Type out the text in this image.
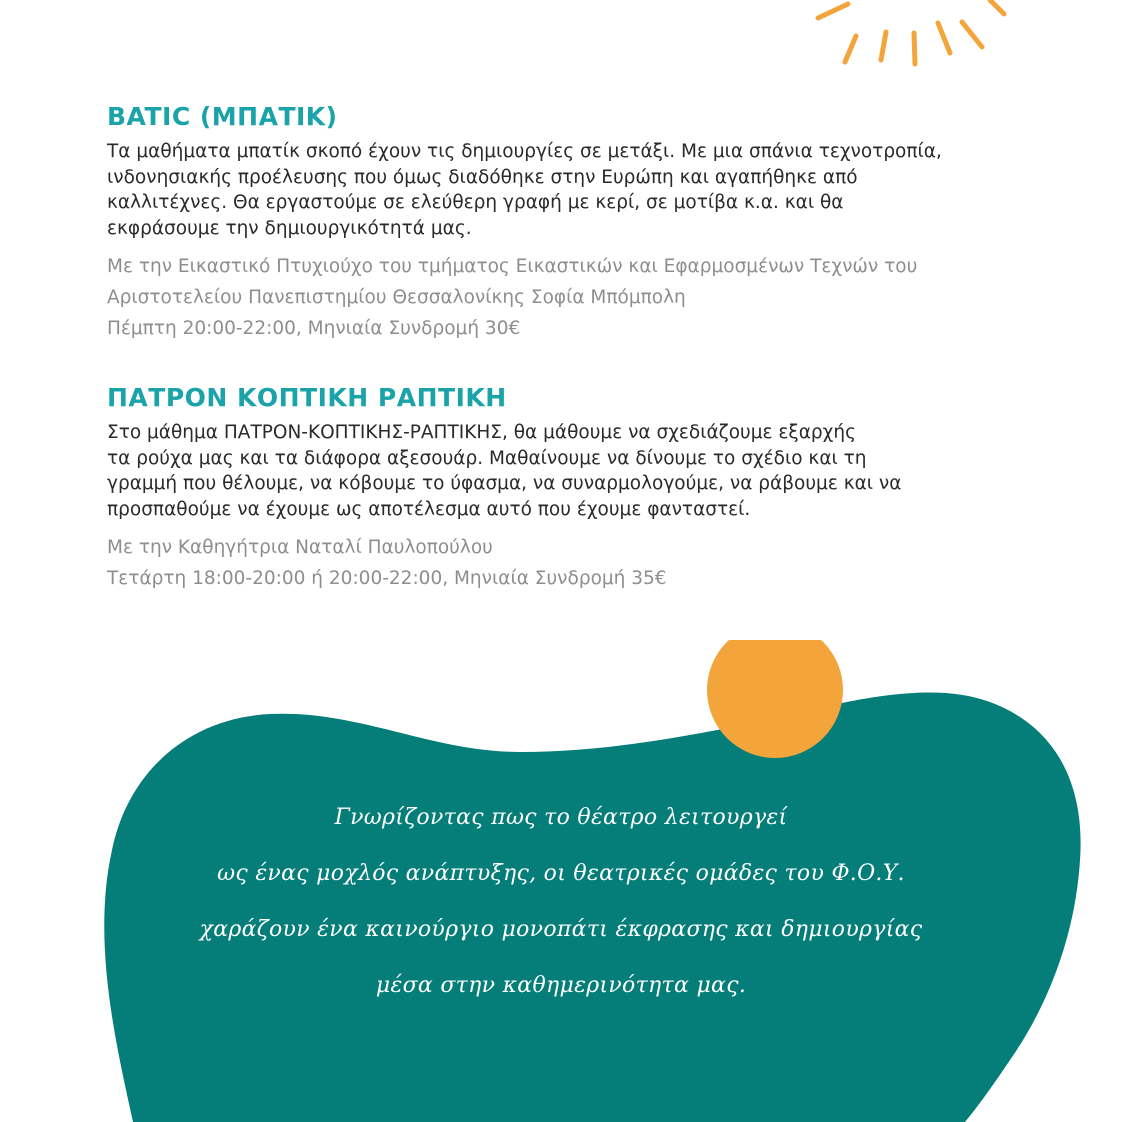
BATIC (ΜΠΑΤΙΚ)
Τα μαθήματα μπατίκ σκοπό έχουν τις δημιουργίες σε μετάξι. Με μια σπάνια τεχνοτροπία,
ινδονησιακής προέλευσης που όμως διαδόθηκε στην Ευρώπη και αγαπήθηκε από
καλλιτέχνες. Θα εργαστούμε σε ελεύθερη γραφή με κερί, σε μοτίβα κ.α. και θα
εκφράσουμε την δημιουργικότητά μας.
Με την Εικαστικό Πτυχιούχο του τμήματος Εικαστικών και Εφαρμοσμένων Τεχνών του
Αριστοτελείου Πανεπιστημίου Θεσσαλονίκης Σοφία Μπόμπολη
Πέμπτη 20:00-22:00, Μηνιαία Συνδρομή 30€
ΠΑΤΡΟΝ ΚΟΠΤΙΚΗ ΡΑΠΤΙΚΗ
Στο μάθημα ΠΑΤΡΟΝ-ΚΟΠΤΙΚΗΣ-ΡΑΠΤΙΚΗΣ, θα μάθουμε να σχεδιάζουμε εξαρχής
τα ρούχα μας και τα διάφορα αξεσουάρ. Μαθαίνουμε να δίνουμε το σχέδιο και τη
γραμμή που θέλουμε, να κόβουμε το ύφασμα, να συναρμολογούμε, να ράβουμε και να
προσπαθούμε να έχουμε ως αποτέλεσμα αυτό που έχουμε φανταστεί.
Με την Καθηγήτρια Ναταλί Παυλοπούλου
Τετάρτη 18:00-20:00 ή 20:00-22:00, Μηνιαία Συνδρομή 35€
Γνωρίζοντας πως το θέατρο λειτουργεί
ως ένας μοχλός ανάπτυξης, οι θεατρικές ομάδες του Φ.Ο.Υ.
χαράζουν ένα καινούργιο μονοπάτι έκφρασης και δημιουργίας
μέσα στην καθημερινότητα μας.
